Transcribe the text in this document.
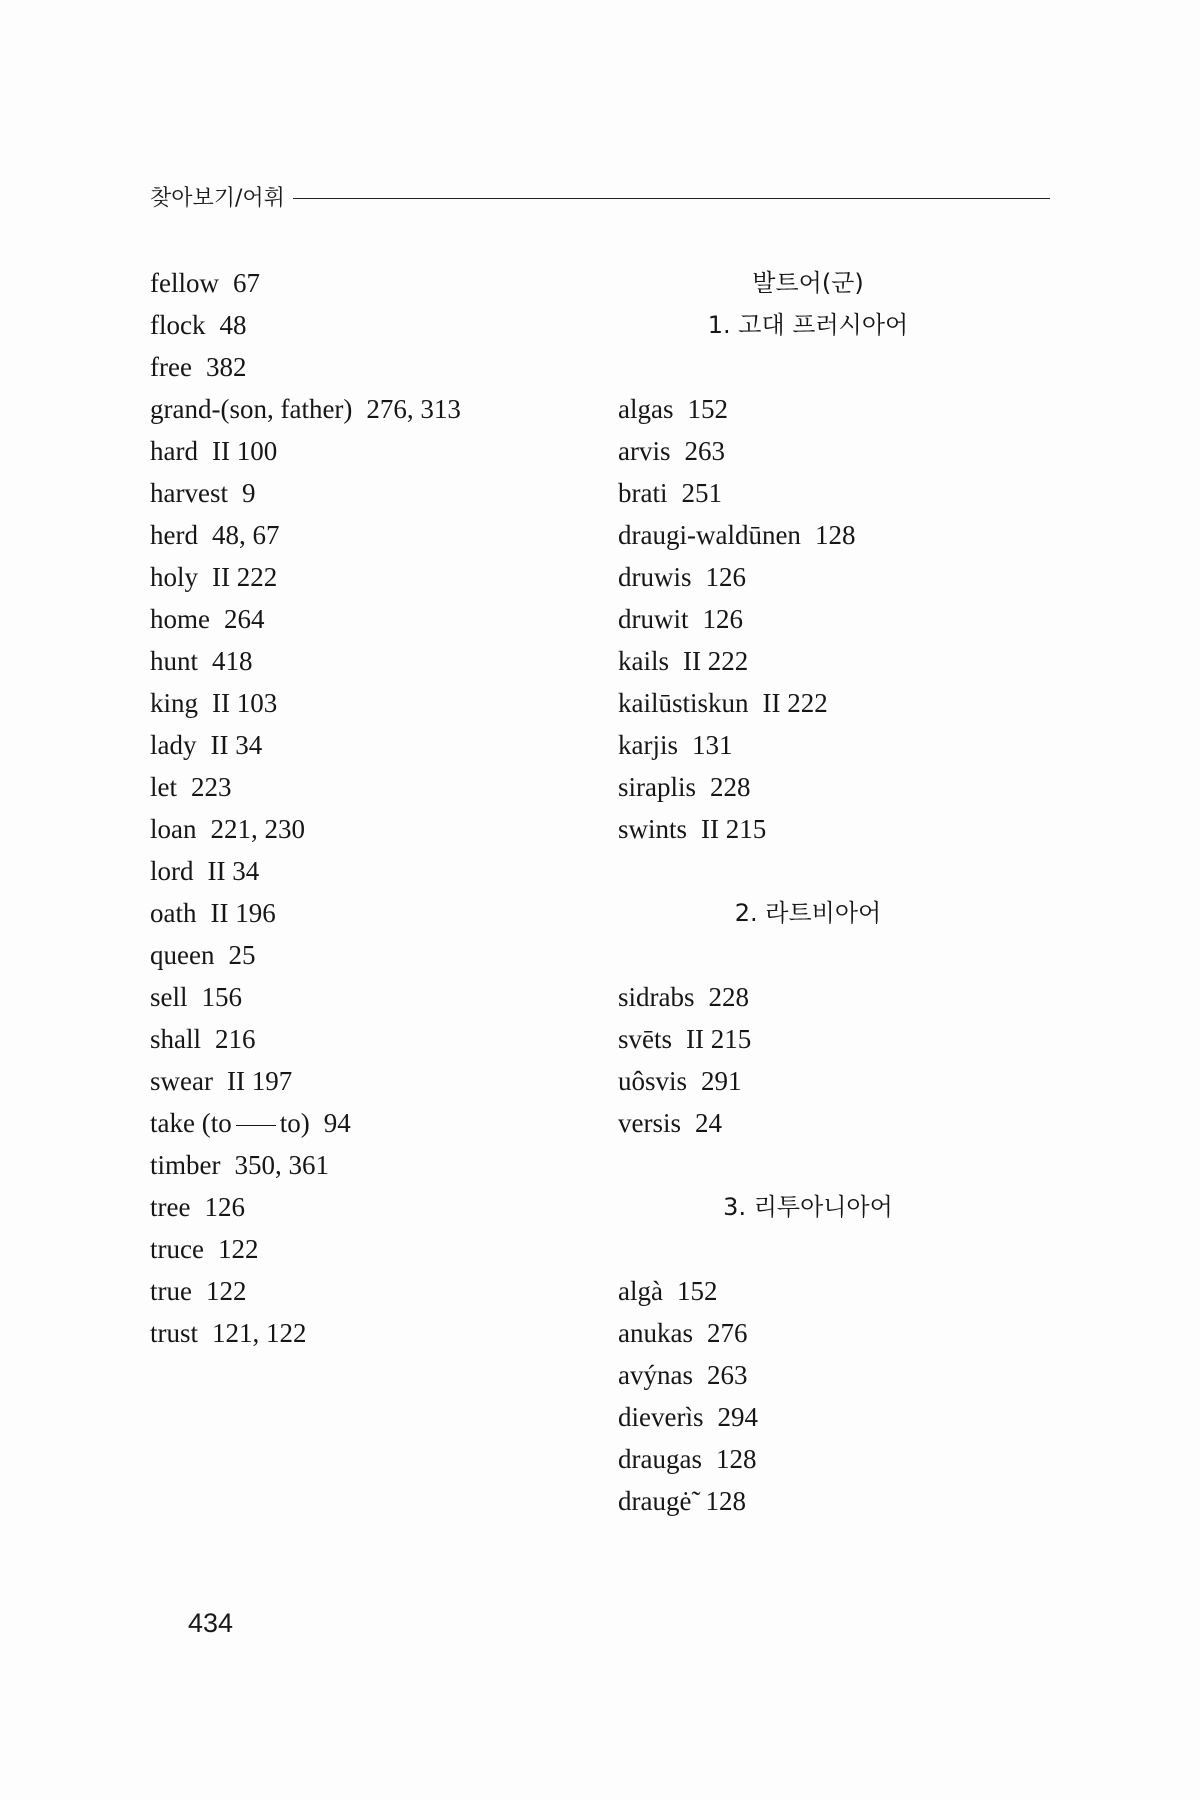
찾아보기/어휘
fellow 67
flock 48
free 382
grand-(son, father) 276, 313
hard II 100
harvest 9
herd 48, 67
holy II 222
home 264
hunt 418
king II 103
lady II 34
let 223
loan 221, 230
lord II 34
oath II 196
queen 25
sell 156
shall 216
swear II 197
take (to to) 94
timber 350, 361
tree 126
truce 122
true 122
trust 121, 122
발트어(군)
1. 고대 프러시아어
algas 152
arvis 263
brati 251
draugi-waldūnen 128
druwis 126
druwit 126
kails II 222
kailūstiskun II 222
karjis 131
siraplis 228
swints II 215
2. 라트비아어
sidrabs 228
svēts II 215
uôsvis 291
versis 24
3. 리투아니아어
algà 152
anukas 276
avýnas 263
dieverìs 294
draugas 128
draugė̃ 128
434
